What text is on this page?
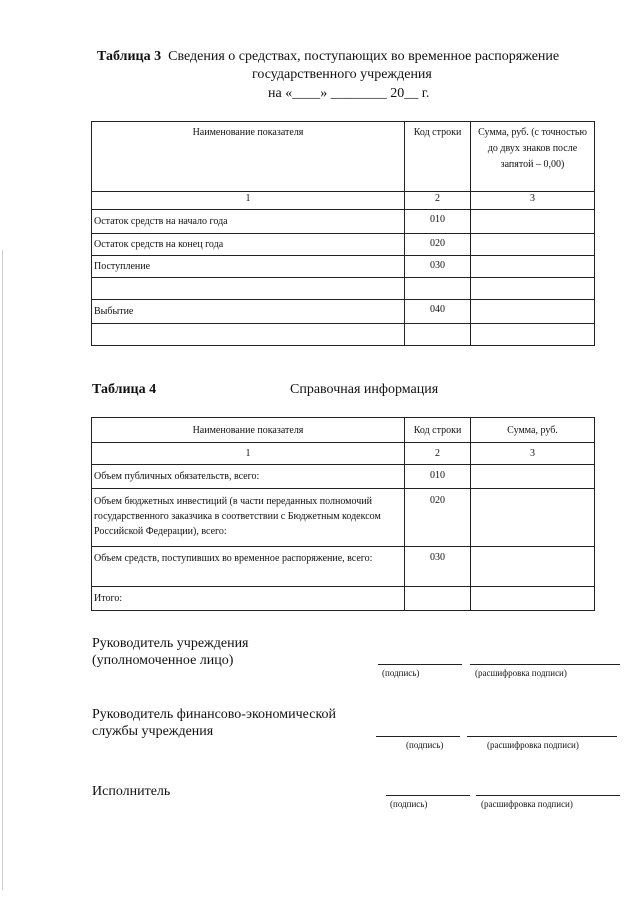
Таблица 3 Сведения о средствах, поступающих во временное распоряжение
государственного учреждения
на «____» ________ 20__ г.
Наименование показателя	Код строки	Сумма, руб. (с точностью до двух знаков после запятой – 0,00)
1	2	3
Остаток средств на начало года	010	
Остаток средств на конец года	020	
Поступление	030	

Выбытие	040	

Таблица 4	Справочная информация
Наименование показателя	Код строки	Сумма, руб.
1	2	3
Объем публичных обязательств, всего:	010	
Объем бюджетных инвестиций (в части переданных полномочий государственного заказчика в соответствии с Бюджетным кодексом Российской Федерации), всего:	020	
Объем средств, поступивших во временное распоряжение, всего:	030	
Итого:		
Руководитель учреждения
(уполномоченное лицо)
(подпись)	(расшифровка подписи)
Руководитель финансово-экономической
службы учреждения
(подпись)	(расшифровка подписи)
Исполнитель
(подпись)	(расшифровка подписи)
